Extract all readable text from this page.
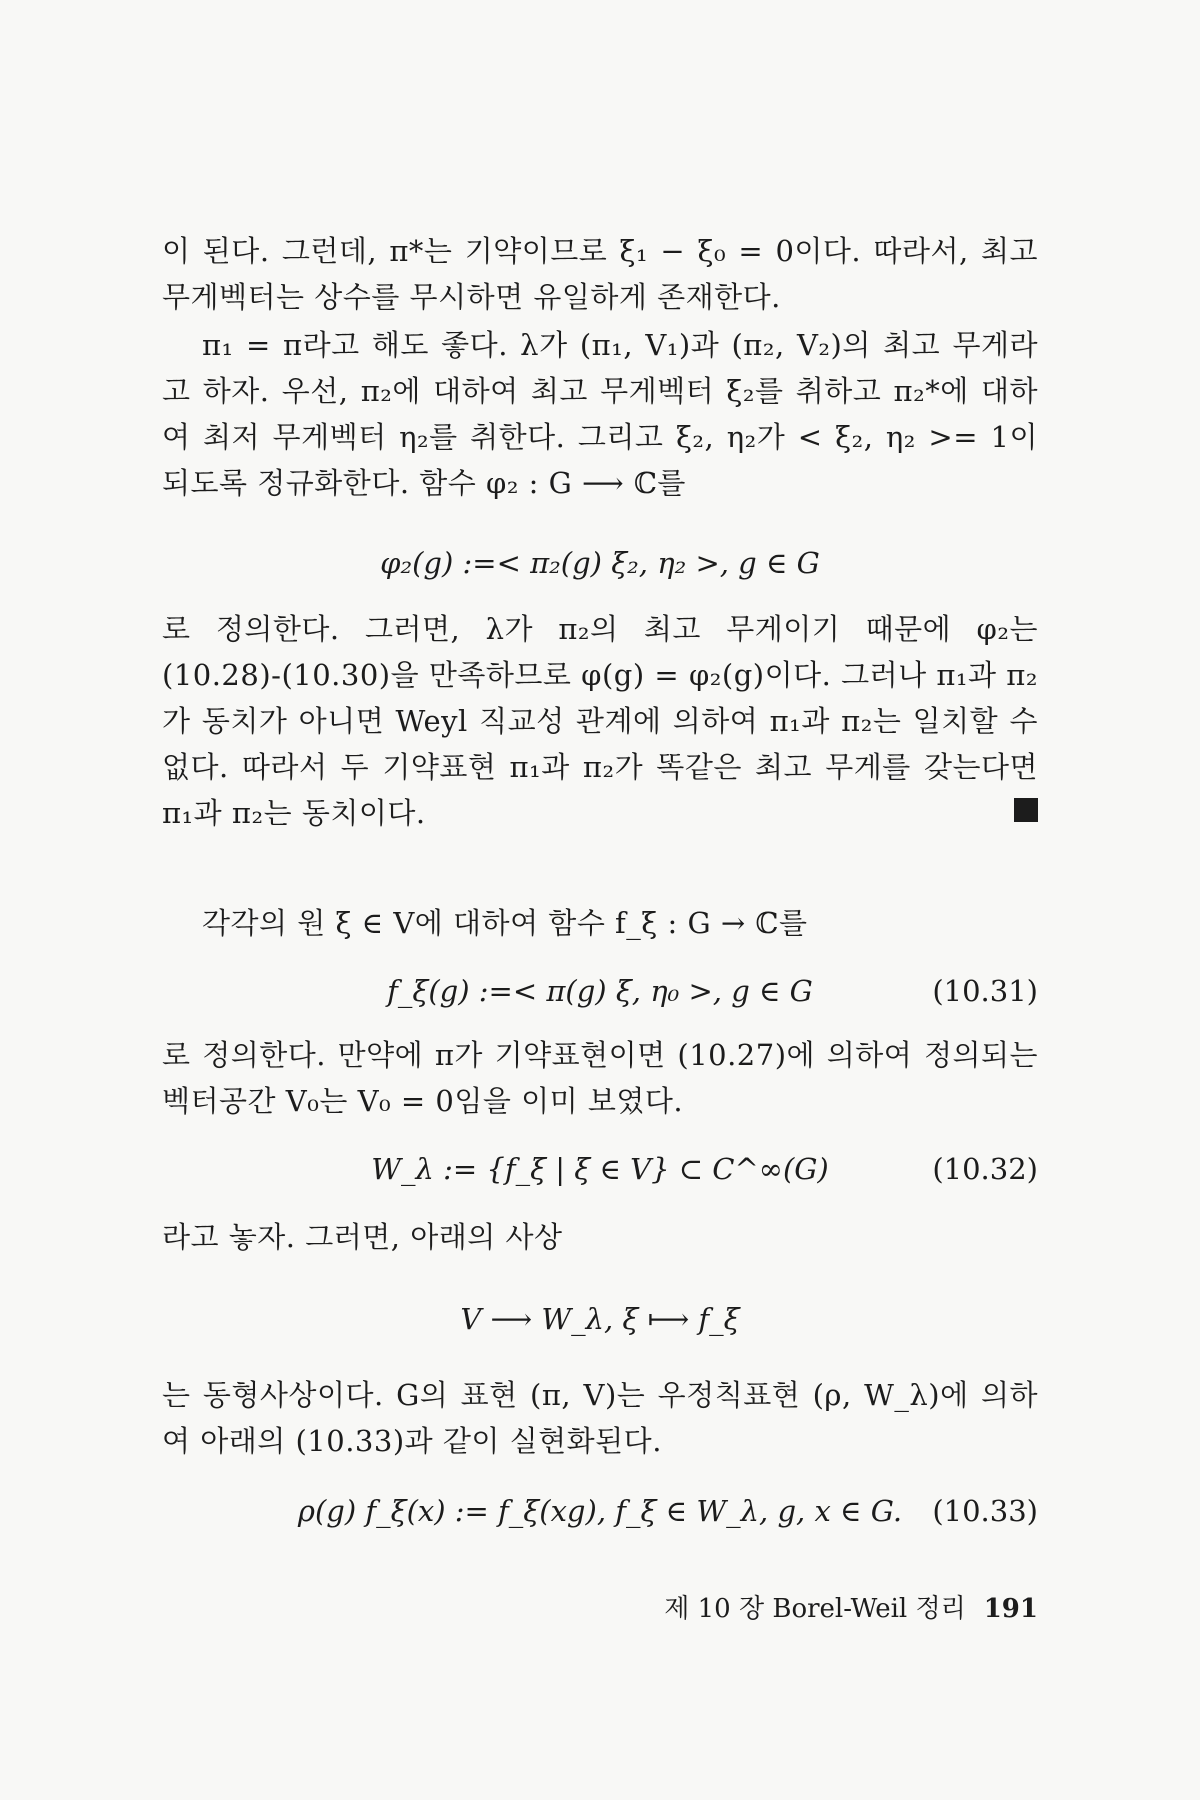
이 된다. 그런데, π*는 기약이므로 ξ₁ − ξ₀ = 0이다. 따라서, 최고 무게벡터는 상수를 무시하면 유일하게 존재한다.
π₁ = π라고 해도 좋다. λ가 (π₁, V₁)과 (π₂, V₂)의 최고 무게라고 하자. 우선, π₂에 대하여 최고 무게벡터 ξ₂를 취하고 π₂*에 대하여 최저 무게벡터 η₂를 취한다. 그리고 ξ₂, η₂가 < ξ₂, η₂ >= 1이 되도록 정규화한다. 함수 φ₂ : G ⟶ ℂ를
φ₂(g) :=< π₂(g) ξ₂, η₂ >, g ∈ G
로 정의한다. 그러면, λ가 π₂의 최고 무게이기 때문에 φ₂는 (10.28)-(10.30)을 만족하므로 φ(g) = φ₂(g)이다. 그러나 π₁과 π₂가 동치가 아니면 Weyl 직교성 관계에 의하여 π₁과 π₂는 일치할 수 없다. 따라서 두 기약표현 π₁과 π₂가 똑같은 최고 무게를 갖는다면 π₁과 π₂는 동치이다.
각각의 원 ξ ∈ V에 대하여 함수 f_ξ : G → ℂ를
f_ξ(g) :=< π(g) ξ, η₀ >, g ∈ G	(10.31)
로 정의한다. 만약에 π가 기약표현이면 (10.27)에 의하여 정의되는 벡터공간 V₀는 V₀ = 0임을 이미 보였다.
W_λ := {f_ξ | ξ ∈ V} ⊂ C^∞(G)	(10.32)
라고 놓자. 그러면, 아래의 사상
V ⟶ W_λ, ξ ⟼ f_ξ
는 동형사상이다. G의 표현 (π, V)는 우정칙표현 (ρ, W_λ)에 의하여 아래의 (10.33)과 같이 실현화된다.
ρ(g) f_ξ(x) := f_ξ(xg), f_ξ ∈ W_λ, g, x ∈ G.	(10.33)
제 10 장 Borel-Weil 정리 191
